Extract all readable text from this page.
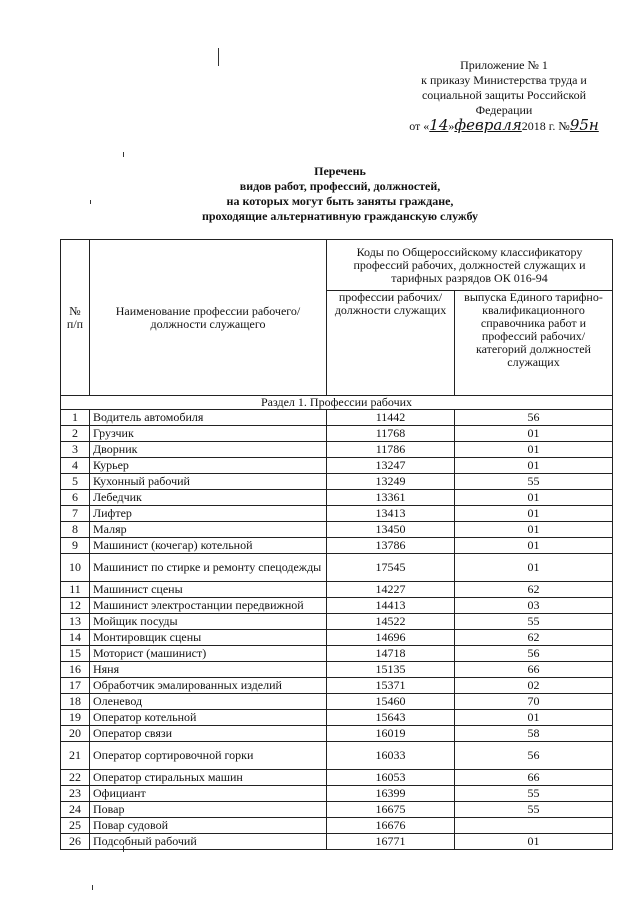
Приложение № 1
к приказу Министерства труда и
социальной защиты Российской
Федерации
от «14»февраля2018 г. №95н
Перечень
видов работ, профессий, должностей,
на которых могут быть заняты граждане,
проходящие альтернативную гражданскую службу
№ п/п	Наименование профессии рабочего/должности служащего	Коды по Общероссийскому классификатору профессий рабочих, должностей служащих и тарифных разрядов ОК 016-94	
		профессии рабочих/должности служащих	выпуска Единого тарифно-квалификационного справочника работ и профессий рабочих/категорий должностей служащих
Раздел 1. Профессии рабочих			
1	Водитель автомобиля	11442	56
2	Грузчик	11768	01
3	Дворник	11786	01
4	Курьер	13247	01
5	Кухонный рабочий	13249	55
6	Лебедчик	13361	01
7	Лифтер	13413	01
8	Маляр	13450	01
9	Машинист (кочегар) котельной	13786	01
10	Машинист по стирке и ремонту спецодежды	17545	01
11	Машинист сцены	14227	62
12	Машинист электростанции передвижной	14413	03
13	Мойщик посуды	14522	55
14	Монтировщик сцены	14696	62
15	Моторист (машинист)	14718	56
16	Няня	15135	66
17	Обработчик эмалированных изделий	15371	02
18	Оленевод	15460	70
19	Оператор котельной	15643	01
20	Оператор связи	16019	58
21	Оператор сортировочной горки	16033	56
22	Оператор стиральных машин	16053	66
23	Официант	16399	55
24	Повар	16675	55
25	Повар судовой	16676	
26	Подсобный рабочий	16771	01
